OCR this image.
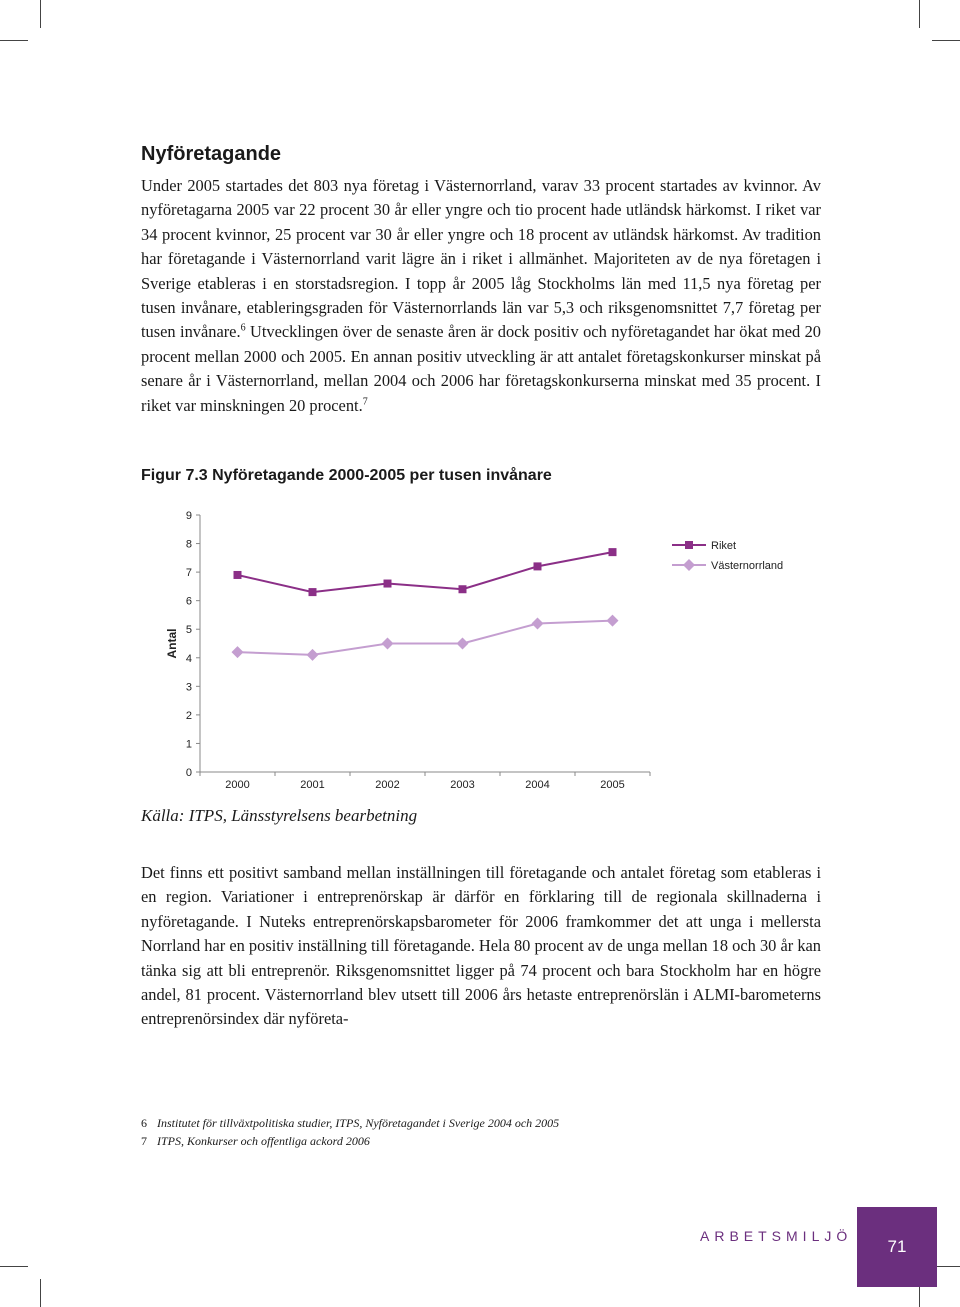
Nyföretagande

Under 2005 startades det 803 nya företag i Västernorrland, varav 33 procent startades av kvinnor. Av nyföretagarna 2005 var 22 procent 30 år eller yngre och tio procent hade utländsk härkomst. I riket var 34 procent kvinnor, 25 procent var 30 år eller yngre och 18 procent av utländsk härkomst. Av tradition har företagande i Västernorrland varit lägre än i riket i allmänhet. Majoriteten av de nya företagen i Sverige etableras i en storstadsregion. I topp år 2005 låg Stockholms län med 11,5 nya företag per tusen invånare, etableringsgraden för Västernorrlands län var 5,3 och riksgenomsnittet 7,7 företag per tusen invånare.$^6$ Utvecklingen över de senaste åren är dock positiv och nyföretagandet har ökat med 20 procent mellan 2000 och 2005. En annan positiv utveckling är att antalet företagskonkurser minskat på senare år i Västernorrland, mellan 2004 och 2006 har företagskonkurserna minskat med 35 procent. I riket var minskningen 20 procent.$^7$

Figur 7.3 Nyföretagande 2000-2005 per tusen invånare
0
1
2
3
4
5
6
7
8
9
2000	2001	2002	2003	2004	2005
Antal
Riket
Västernorrland

Källa: ITPS, Länsstyrelsens bearbetning

Det finns ett positivt samband mellan inställningen till företagande och antalet företag som etableras i en region. Variationer i entreprenörskap är därför en förklaring till de regionala skillnaderna i nyföretagande. I Nuteks entreprenörskapsbarometer för 2006 framkommer det att unga i mellersta Norrland har en positiv inställning till företagande. Hela 80 procent av de unga mellan 18 och 30 år kan tänka sig att bli entreprenör. Riksgenomsnittet ligger på 74 procent och bara Stockholm har en högre andel, 81 procent. Västernorrland blev utsett till 2006 års hetaste entreprenörslän i ALMI-barometerns entreprenörsindex där nyföreta-

6 Institutet för tillväxtpolitiska studier, ITPS, Nyföretagandet i Sverige 2004 och 2005
7 ITPS, Konkurser och offentliga ackord 2006
ARBETSMILJÖ
71
